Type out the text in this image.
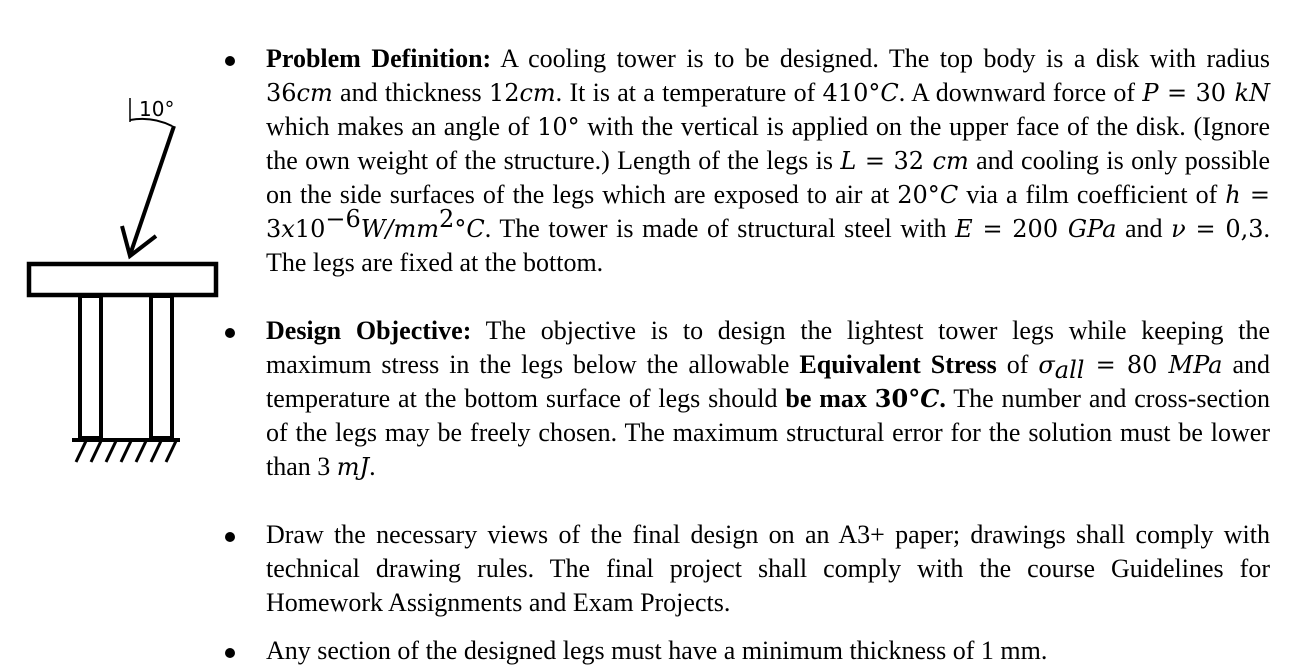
10°
Problem Definition: A cooling tower is to be designed. The top body is a disk with radius 36cm and thickness 12cm. It is at a temperature of 410°C. A downward force of P = 30 kN which makes an angle of 10° with the vertical is applied on the upper face of the disk. (Ignore the own weight of the structure.) Length of the legs is L = 32 cm and cooling is only possible on the side surfaces of the legs which are exposed to air at 20°C via a film coefficient of $h = 3x10^{-6}W/mm^2^\circ C$. The tower is made of structural steel with E = 200 GPa and ν = 0,3. The legs are fixed at the bottom.
Design Objective: The objective is to design the lightest tower legs while keeping the maximum stress in the legs below the allowable Equivalent Stress of $\sigma_{all} = 80$ MPa and temperature at the bottom surface of legs should be max 30°C. The number and cross-section of the legs may be freely chosen. The maximum structural error for the solution must be lower than 3 mJ.
Draw the necessary views of the final design on an A3+ paper; drawings shall comply with technical drawing rules. The final project shall comply with the course Guidelines for Homework Assignments and Exam Projects.
Any section of the designed legs must have a minimum thickness of 1 mm.
